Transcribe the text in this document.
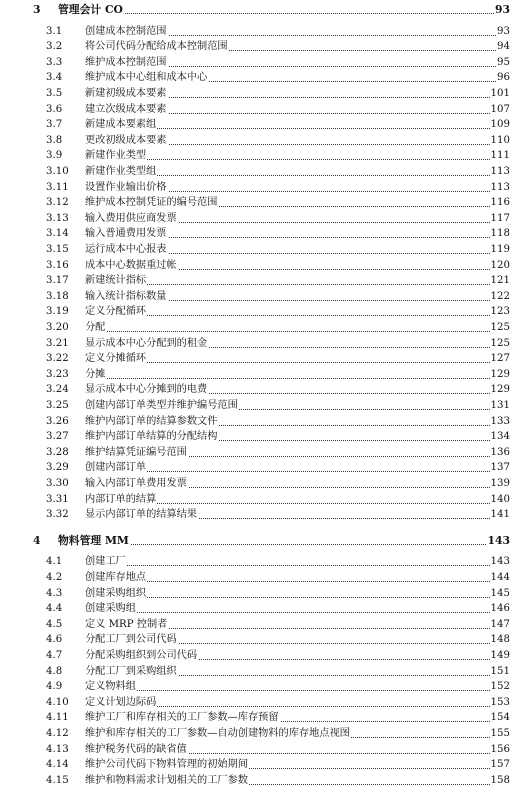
3 管理会计 CO	93
3.1 创建成本控制范围	93
3.2 将公司代码分配给成本控制范围	94
3.3 维护成本控制范围	95
3.4 维护成本中心组和成本中心	96
3.5 新建初级成本要素	101
3.6 建立次级成本要素	107
3.7 新建成本要素组	109
3.8 更改初级成本要素	110
3.9 新建作业类型	111
3.10 新建作业类型组	113
3.11 设置作业输出价格	113
3.12 维护成本控制凭证的编号范围	116
3.13 输入费用供应商发票	117
3.14 输入普通费用发票	118
3.15 运行成本中心报表	119
3.16 成本中心数据重过帐	120
3.17 新建统计指标	121
3.18 输入统计指标数量	122
3.19 定义分配循环	123
3.20 分配	125
3.21 显示成本中心分配到的租金	125
3.22 定义分摊循环	127
3.23 分摊	129
3.24 显示成本中心分摊到的电费	129
3.25 创建内部订单类型并维护编号范围	131
3.26 维护内部订单的结算参数文件	133
3.27 维护内部订单结算的分配结构	134
3.28 维护结算凭证编号范围	136
3.29 创建内部订单	137
3.30 输入内部订单费用发票	139
3.31 内部订单的结算	140
3.32 显示内部订单的结算结果	141
4 物料管理 MM	143
4.1 创建工厂	143
4.2 创建库存地点	144
4.3 创建采购组织	145
4.4 创建采购组	146
4.5 定义 MRP 控制者	147
4.6 分配工厂到公司代码	148
4.7 分配采购组织到公司代码	149
4.8 分配工厂到采购组织	151
4.9 定义物料组	152
4.10 定义计划边际码	153
4.11 维护工厂和库存相关的工厂参数—库存预留	154
4.12 维护和库存相关的工厂参数—自动创建物料的库存地点视图	155
4.13 维护税务代码的缺省值	156
4.14 维护公司代码下物料管理的初始期间	157
4.15 维护和物料需求计划相关的工厂参数	158
